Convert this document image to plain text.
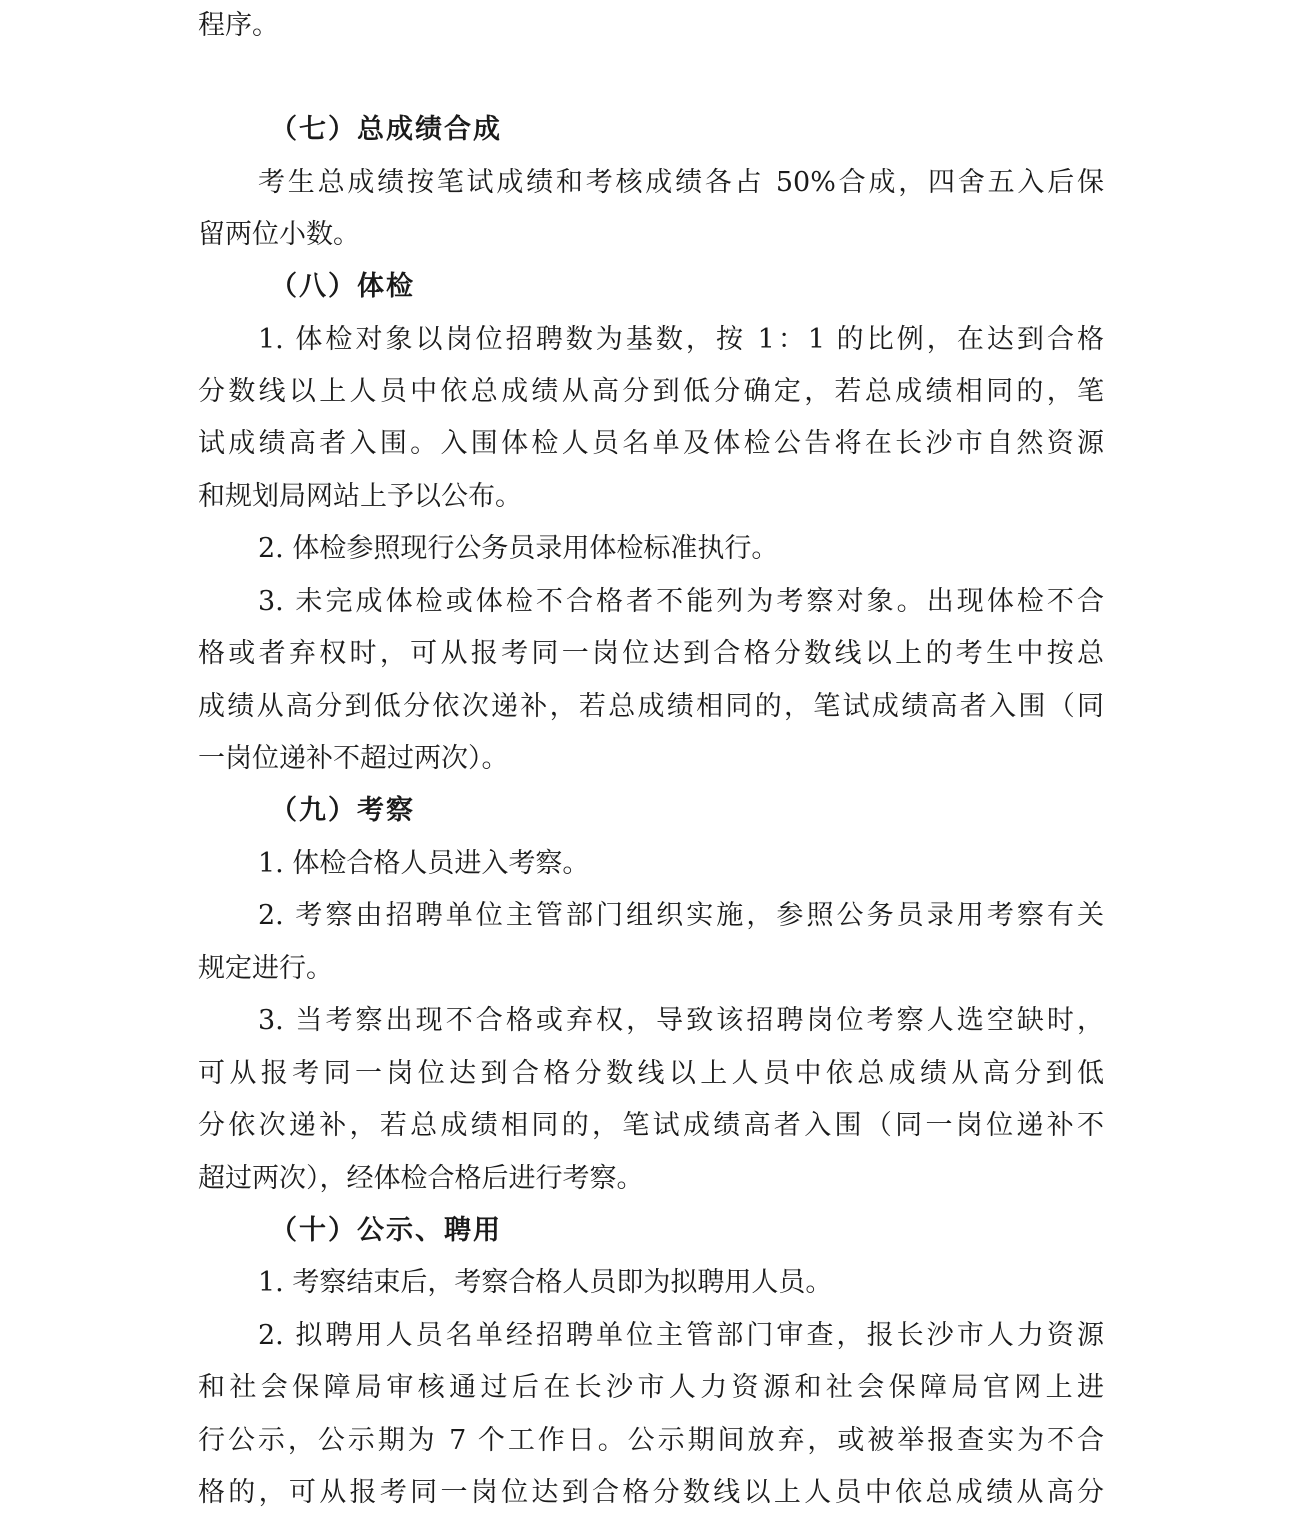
程序。
（七）总成绩合成
考生总成绩按笔试成绩和考核成绩各占 50%合成，四舍五入后保
留两位小数。
（八）体检
1. 体检对象以岗位招聘数为基数，按 1：1 的比例，在达到合格
分数线以上人员中依总成绩从高分到低分确定，若总成绩相同的，笔
试成绩高者入围。入围体检人员名单及体检公告将在长沙市自然资源
和规划局网站上予以公布。
2. 体检参照现行公务员录用体检标准执行。
3. 未完成体检或体检不合格者不能列为考察对象。出现体检不合
格或者弃权时，可从报考同一岗位达到合格分数线以上的考生中按总
成绩从高分到低分依次递补，若总成绩相同的，笔试成绩高者入围（同
一岗位递补不超过两次）。
（九）考察
1. 体检合格人员进入考察。
2. 考察由招聘单位主管部门组织实施，参照公务员录用考察有关
规定进行。
3. 当考察出现不合格或弃权，导致该招聘岗位考察人选空缺时，
可从报考同一岗位达到合格分数线以上人员中依总成绩从高分到低
分依次递补，若总成绩相同的，笔试成绩高者入围（同一岗位递补不
超过两次），经体检合格后进行考察。
（十）公示、聘用
1. 考察结束后，考察合格人员即为拟聘用人员。
2. 拟聘用人员名单经招聘单位主管部门审查，报长沙市人力资源
和社会保障局审核通过后在长沙市人力资源和社会保障局官网上进
行公示，公示期为 7 个工作日。公示期间放弃，或被举报查实为不合
格的，可从报考同一岗位达到合格分数线以上人员中依总成绩从高分
